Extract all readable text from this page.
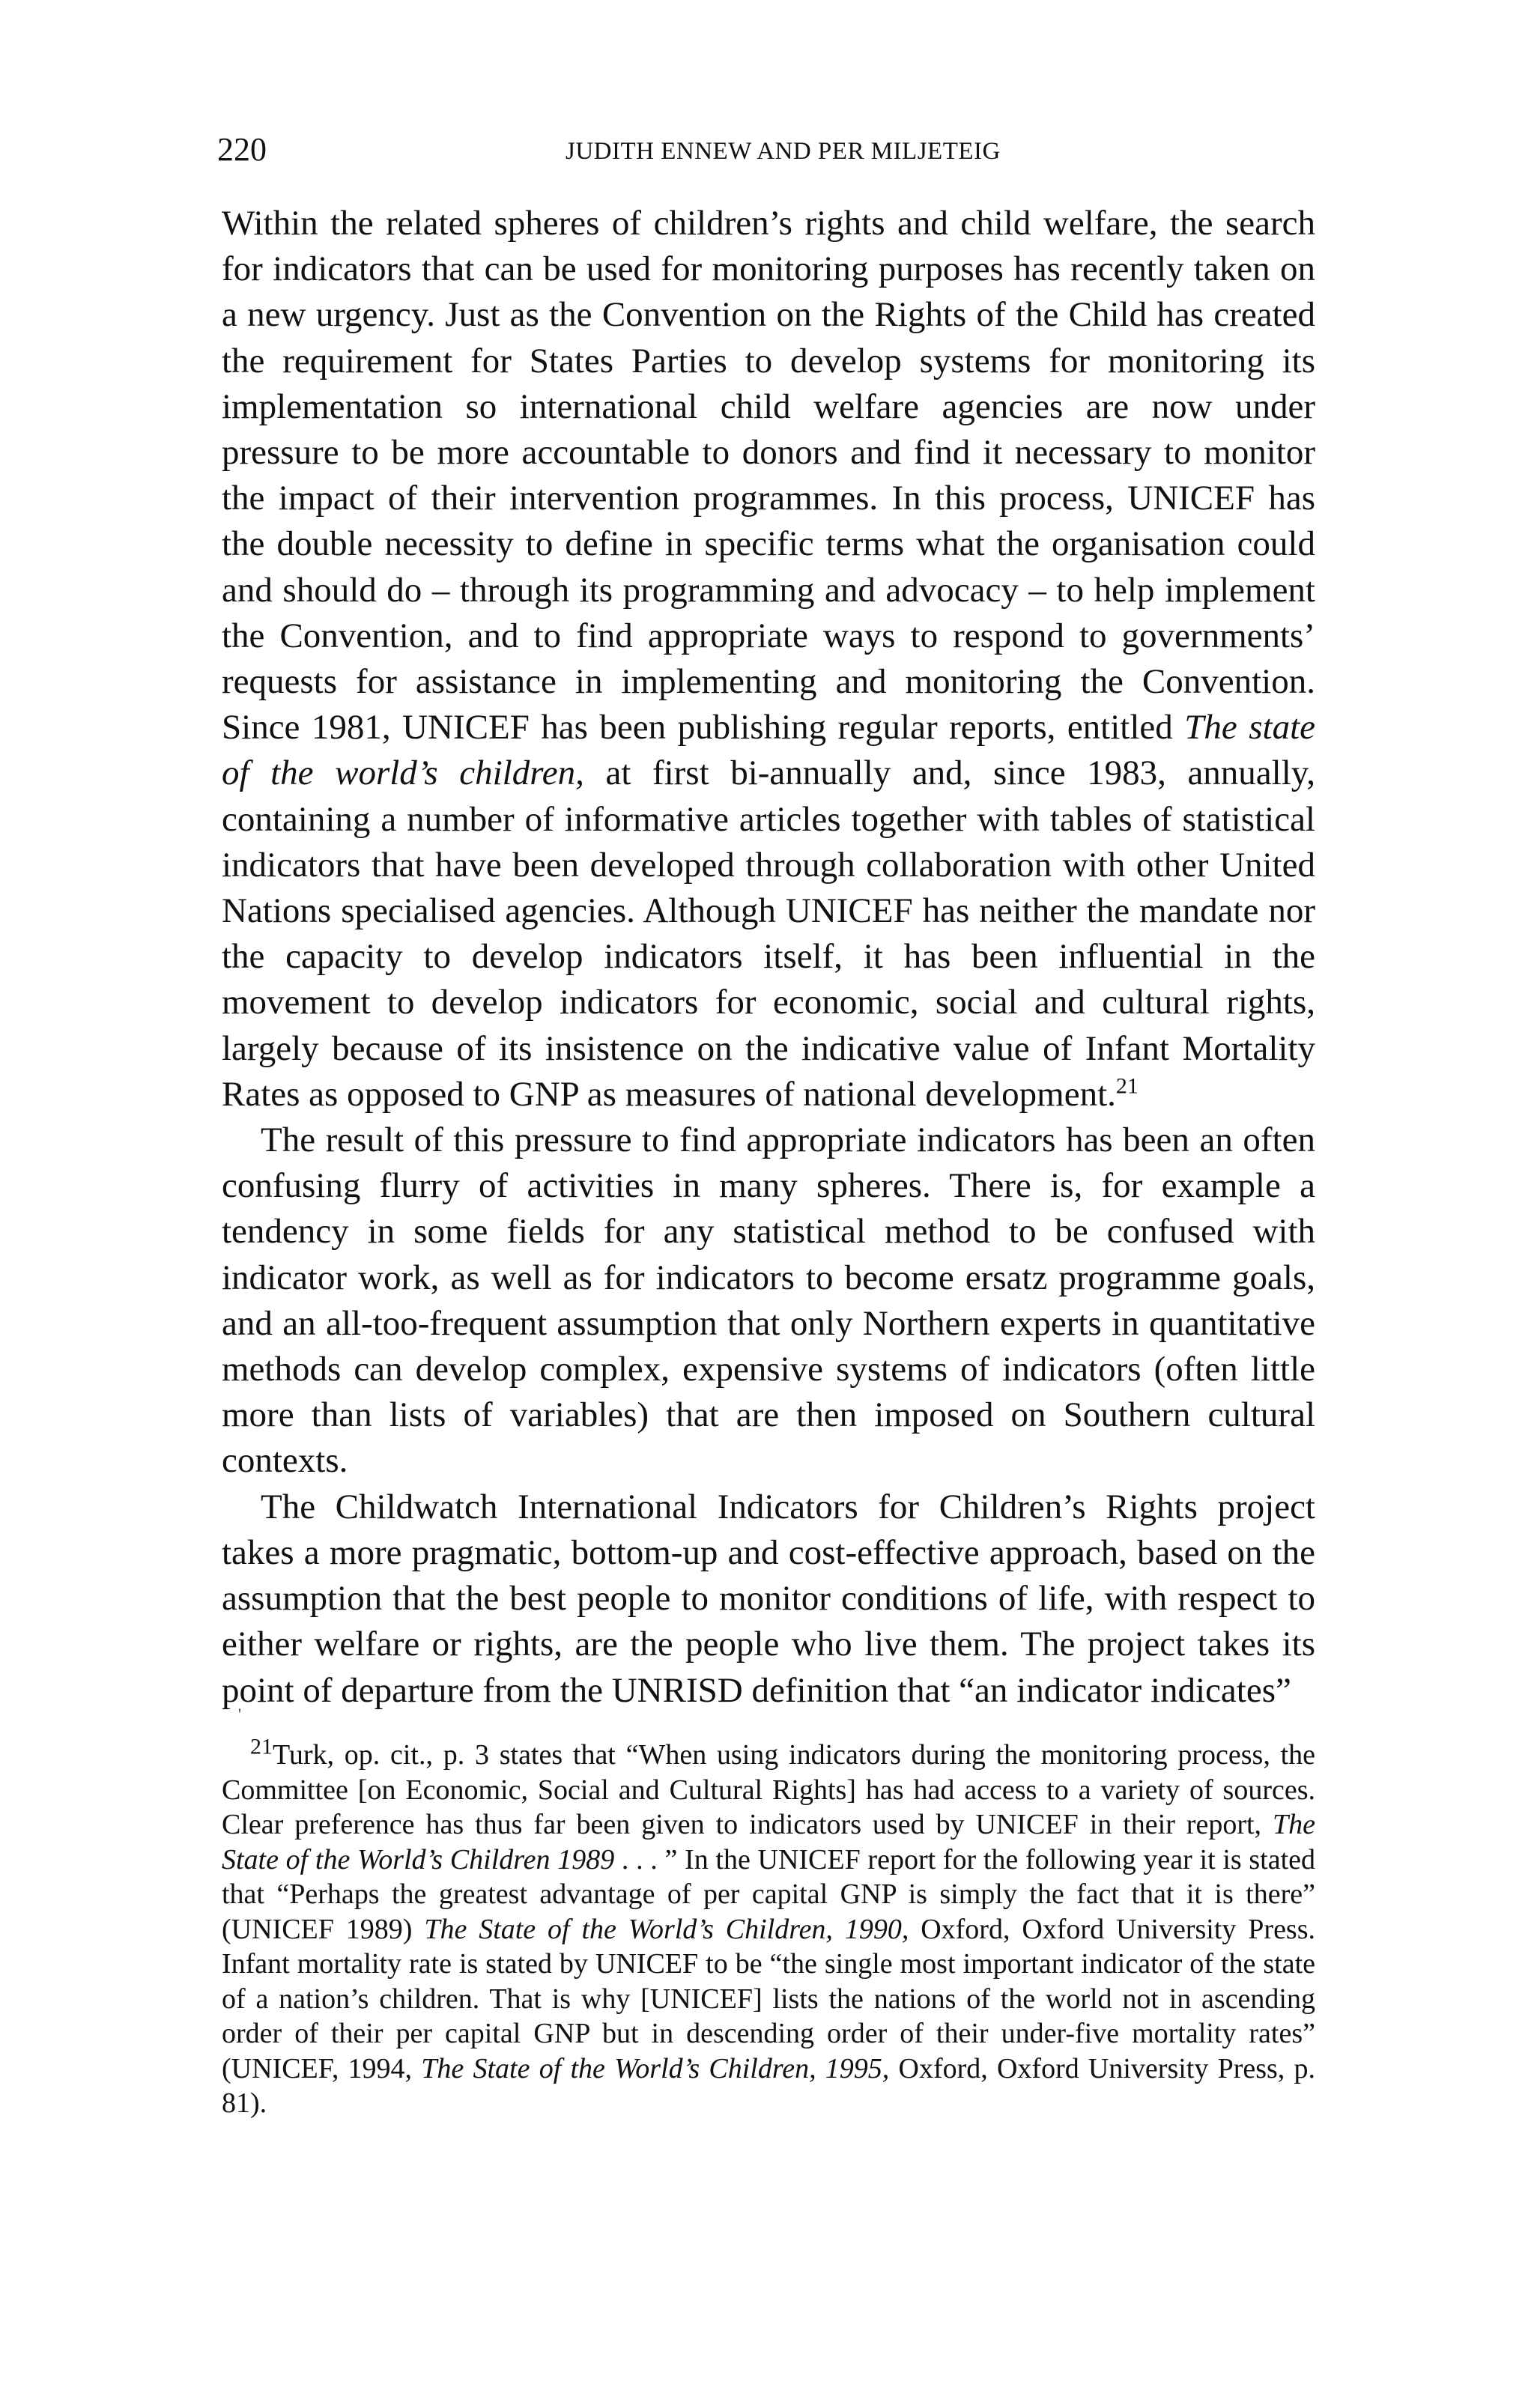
220	JUDITH ENNEW AND PER MILJETEIG

Within the related spheres of children’s rights and child welfare, the search for indicators that can be used for monitoring purposes has recently taken on a new urgency. Just as the Convention on the Rights of the Child has created the requirement for States Parties to develop systems for monitoring its implementation so international child welfare agencies are now under pressure to be more accountable to donors and find it necessary to monitor the impact of their intervention programmes. In this process, UNICEF has the double necessity to define in specific terms what the organisation could and should do – through its programming and advocacy – to help implement the Convention, and to find appropriate ways to respond to governments’ requests for assistance in implementing and monitoring the Convention. Since 1981, UNICEF has been publishing regular reports, entitled The state of the world’s children, at first bi-annually and, since 1983, annually, containing a number of informative articles together with tables of statistical indicators that have been developed through collaboration with other United Nations specialised agencies. Although UNICEF has neither the mandate nor the capacity to develop indicators itself, it has been influential in the movement to develop indicators for economic, social and cultural rights, largely because of its insistence on the indicative value of Infant Mortality Rates as opposed to GNP as measures of national development.$^{21}$

The result of this pressure to find appropriate indicators has been an often confusing flurry of activities in many spheres. There is, for example a tendency in some fields for any statistical method to be confused with indicator work, as well as for indicators to become ersatz programme goals, and an all-too-frequent assumption that only Northern experts in quantitative methods can develop complex, expensive systems of indicators (often little more than lists of variables) that are then imposed on Southern cultural contexts.

The Childwatch International Indicators for Children’s Rights project takes a more pragmatic, bottom-up and cost-effective approach, based on the assumption that the best people to monitor conditions of life, with respect to either welfare or rights, are the people who live them. The project takes its point of departure from the UNRISD definition that “an indicator indicates”

'

$^{21}$Turk, op. cit., p. 3 states that “When using indicators during the monitoring process, the Committee [on Economic, Social and Cultural Rights] has had access to a variety of sources. Clear preference has thus far been given to indicators used by UNICEF in their report, The State of the World’s Children 1989 . . . ” In the UNICEF report for the following year it is stated that “Perhaps the greatest advantage of per capital GNP is simply the fact that it is there” (UNICEF 1989) The State of the World’s Children, 1990, Oxford, Oxford University Press. Infant mortality rate is stated by UNICEF to be “the single most important indicator of the state of a nation’s children. That is why [UNICEF] lists the nations of the world not in ascending order of their per capital GNP but in descending order of their under-five mortality rates” (UNICEF, 1994, The State of the World’s Children, 1995, Oxford, Oxford University Press, p. 81).
